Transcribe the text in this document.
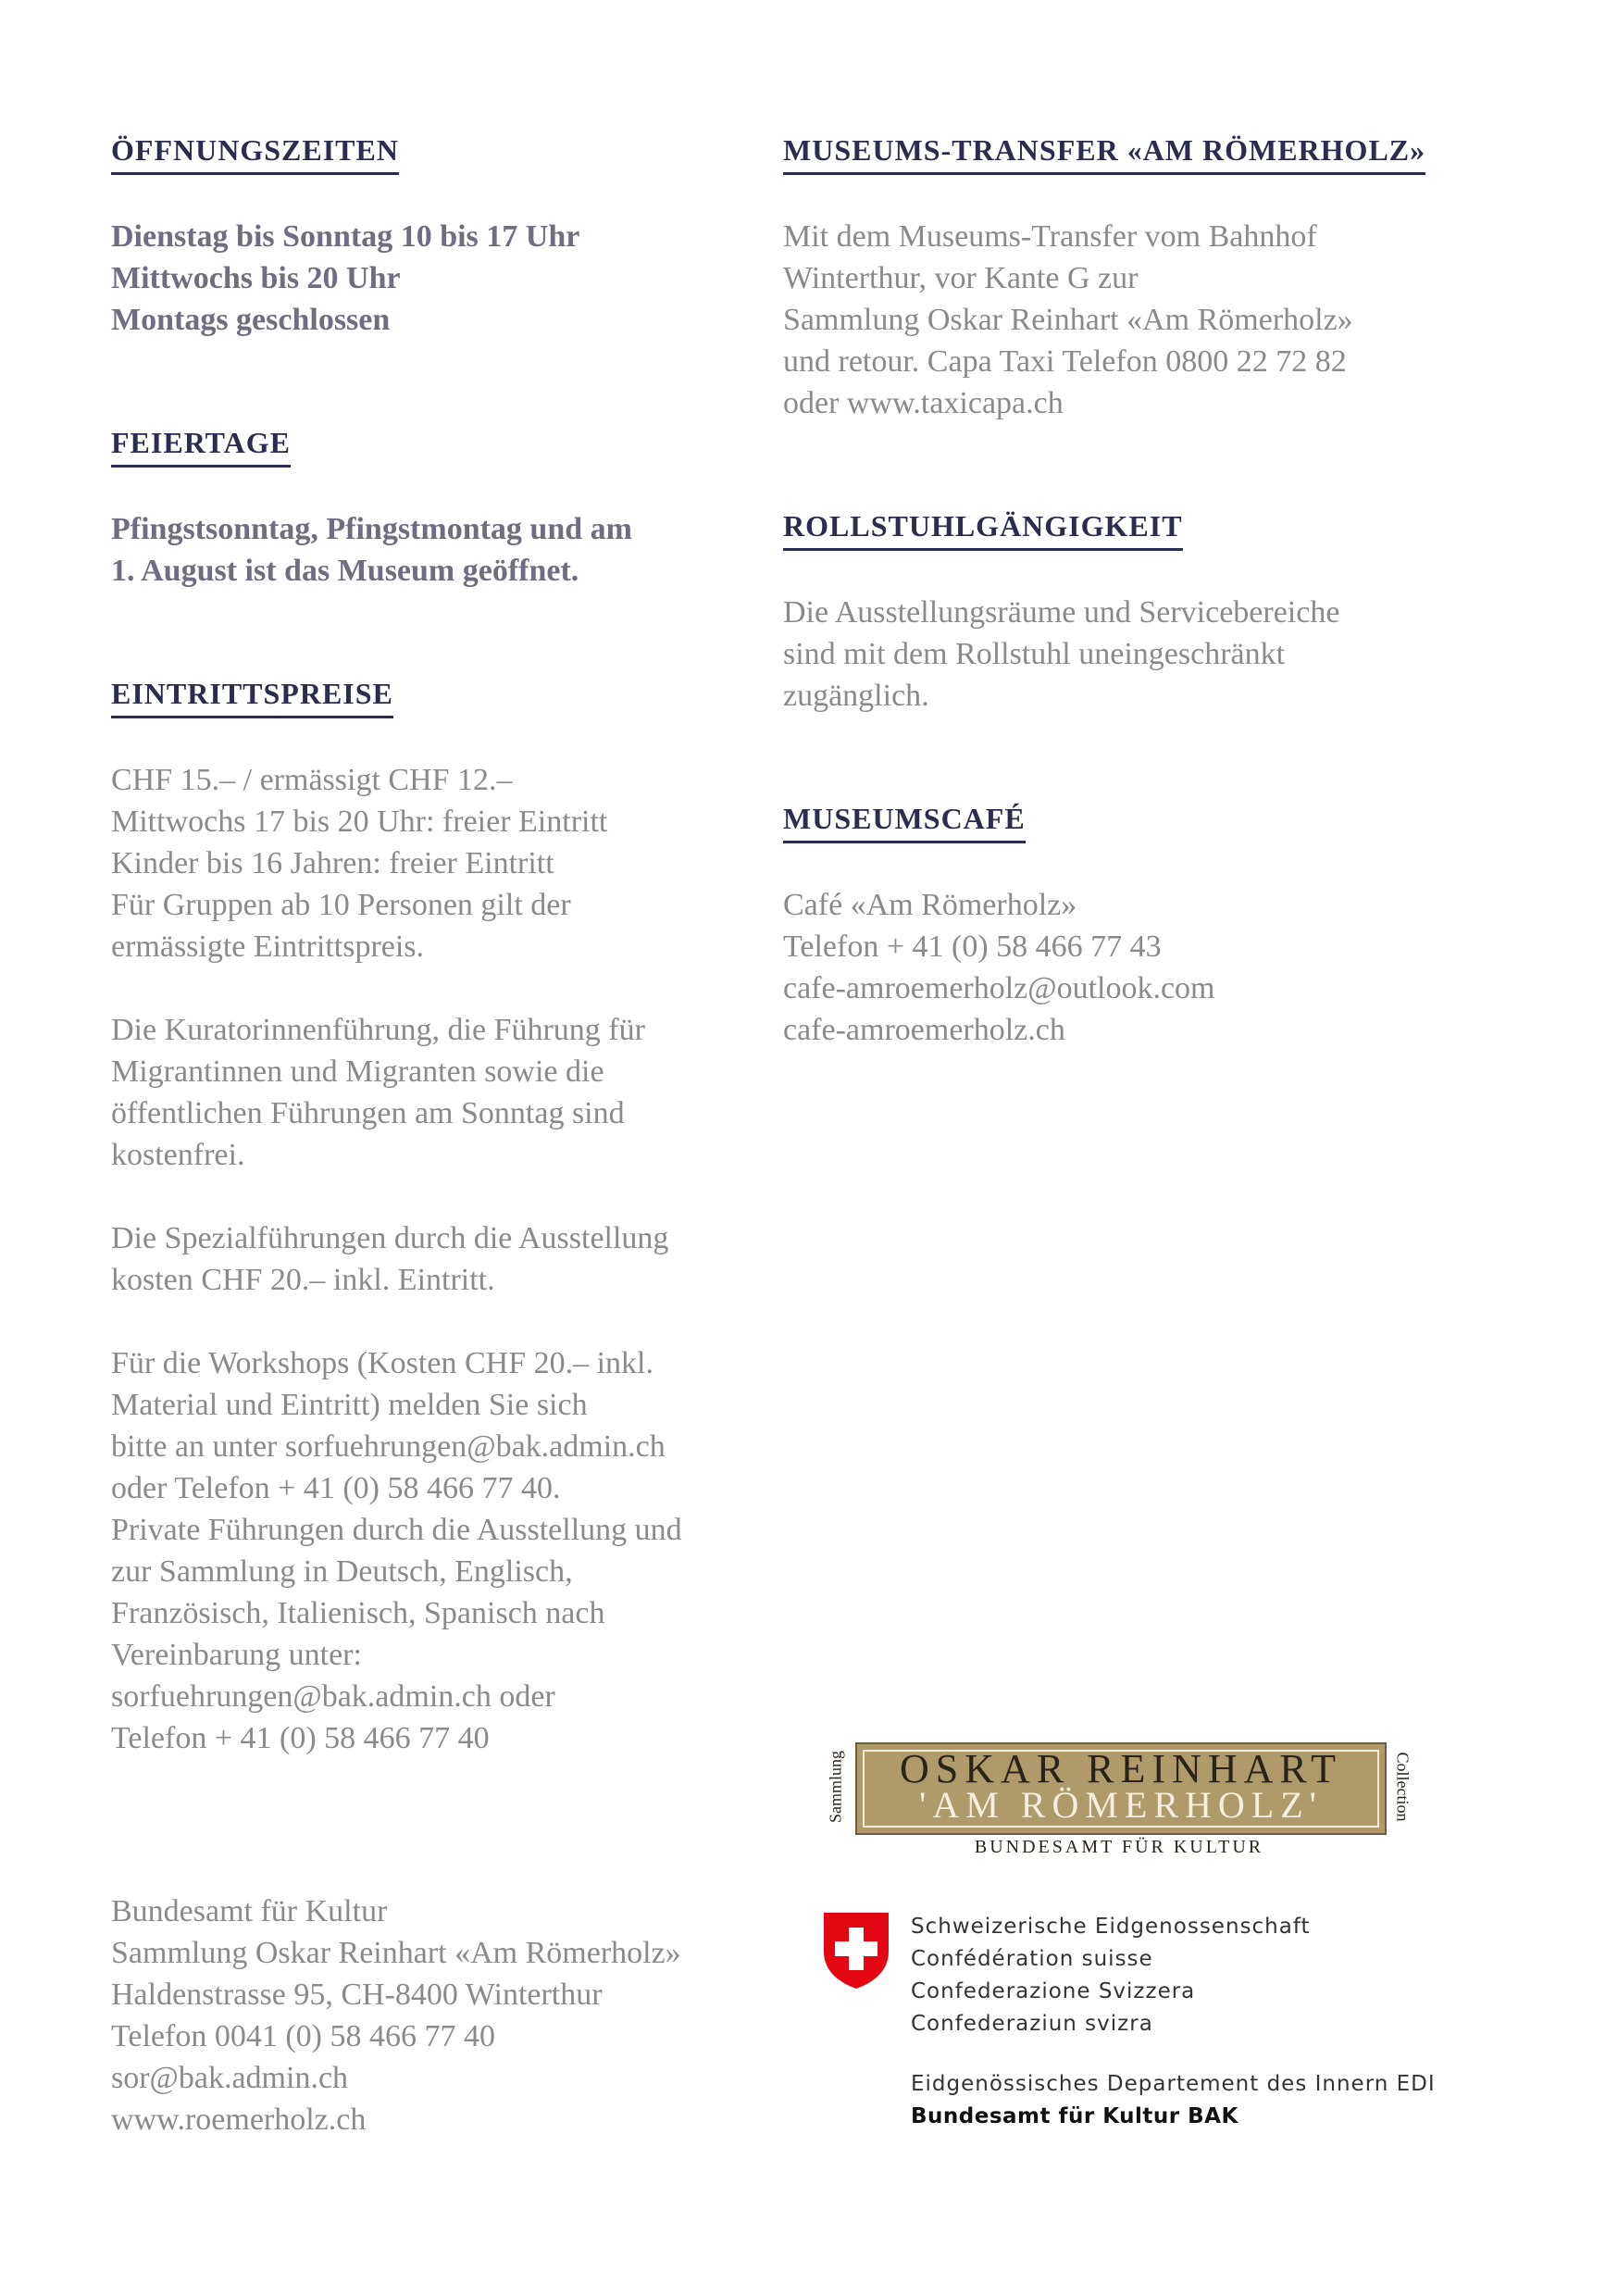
ÖFFNUNGSZEITEN
Dienstag bis Sonntag 10 bis 17 Uhr
Mittwochs bis 20 Uhr
Montags geschlossen
FEIERTAGE
Pfingstsonntag, Pfingstmontag und am
1. August ist das Museum geöffnet.
EINTRITTSPREISE
CHF 15.– / ermässigt CHF 12.–
Mittwochs 17 bis 20 Uhr: freier Eintritt
Kinder bis 16 Jahren: freier Eintritt
Für Gruppen ab 10 Personen gilt der
ermässigte Eintrittspreis.
Die Kuratorinnenführung, die Führung für
Migrantinnen und Migranten sowie die
öffentlichen Führungen am Sonntag sind
kostenfrei.
Die Spezialführungen durch die Ausstellung
kosten CHF 20.– inkl. Eintritt.
Für die Workshops (Kosten CHF 20.– inkl.
Material und Eintritt) melden Sie sich
bitte an unter sorfuehrungen@bak.admin.ch
oder Telefon + 41 (0) 58 466 77 40.
Private Führungen durch die Ausstellung und
zur Sammlung in Deutsch, Englisch,
Französisch, Italienisch, Spanisch nach
Vereinbarung unter:
sorfuehrungen@bak.admin.ch oder
Telefon + 41 (0) 58 466 77 40
Bundesamt für Kultur
Sammlung Oskar Reinhart «Am Römerholz»
Haldenstrasse 95, CH-8400 Winterthur
Telefon 0041 (0) 58 466 77 40
sor@bak.admin.ch
www.roemerholz.ch
MUSEUMS-TRANSFER «AM RÖMERHOLZ»
Mit dem Museums-Transfer vom Bahnhof
Winterthur, vor Kante G zur
Sammlung Oskar Reinhart «Am Römerholz»
und retour. Capa Taxi Telefon 0800 22 72 82
oder www.taxicapa.ch
ROLLSTUHLGÄNGIGKEIT
Die Ausstellungsräume und Servicebereiche
sind mit dem Rollstuhl uneingeschränkt
zugänglich.
MUSEUMSCAFÉ
Café «Am Römerholz»
Telefon + 41 (0) 58 466 77 43
cafe-amroemerholz@outlook.com
cafe-amroemerholz.ch
Sammlung	OSKAR REINHART
'AM RÖMERHOLZ'	Collection
BUNDESAMT FÜR KULTUR
Schweizerische Eidgenossenschaft
Confédération suisse
Confederazione Svizzera
Confederaziun svizra
Eidgenössisches Departement des Innern EDI
Bundesamt für Kultur BAK
